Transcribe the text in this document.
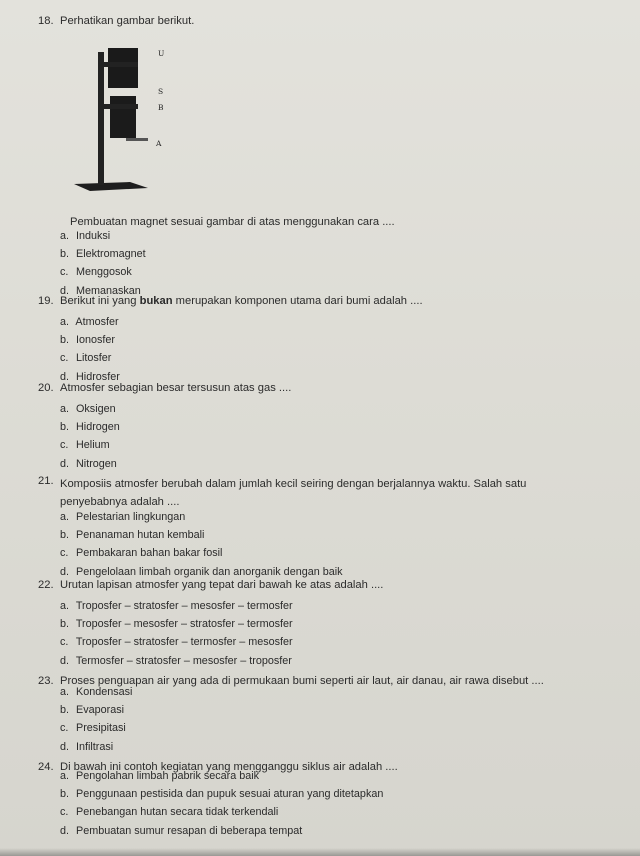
18. Perhatikan gambar berikut.
U
S
B
A
Pembuatan magnet sesuai gambar di atas menggunakan cara ....
a. Induksi
b. Elektromagnet
c. Menggosok
d. Memanaskan
19. Berikut ini yang bukan merupakan komponen utama dari bumi adalah ....
a. Atmosfer
b. Ionosfer
c. Litosfer
d. Hidrosfer
20. Atmosfer sebagian besar tersusun atas gas ....
a. Oksigen
b. Hidrogen
c. Helium
d. Nitrogen
21. Komposiis atmosfer berubah dalam jumlah kecil seiring dengan berjalannya waktu. Salah satu
penyebabnya adalah ....
a. Pelestarian lingkungan
b. Penanaman hutan kembali
c. Pembakaran bahan bakar fosil
d. Pengelolaan limbah organik dan anorganik dengan baik
22. Urutan lapisan atmosfer yang tepat dari bawah ke atas adalah ....
a. Troposfer – stratosfer – mesosfer – termosfer
b. Troposfer – mesosfer – stratosfer – termosfer
c. Troposfer – stratosfer – termosfer – mesosfer
d. Termosfer – stratosfer – mesosfer – troposfer
23. Proses penguapan air yang ada di permukaan bumi seperti air laut, air danau, air rawa disebut ....
a. Kondensasi
b. Evaporasi
c. Presipitasi
d. Infiltrasi
24. Di bawah ini contoh kegiatan yang mengganggu siklus air adalah ....
a. Pengolahan limbah pabrik secara baik
b. Penggunaan pestisida dan pupuk sesuai aturan yang ditetapkan
c. Penebangan hutan secara tidak terkendali
d. Pembuatan sumur resapan di beberapa tempat
